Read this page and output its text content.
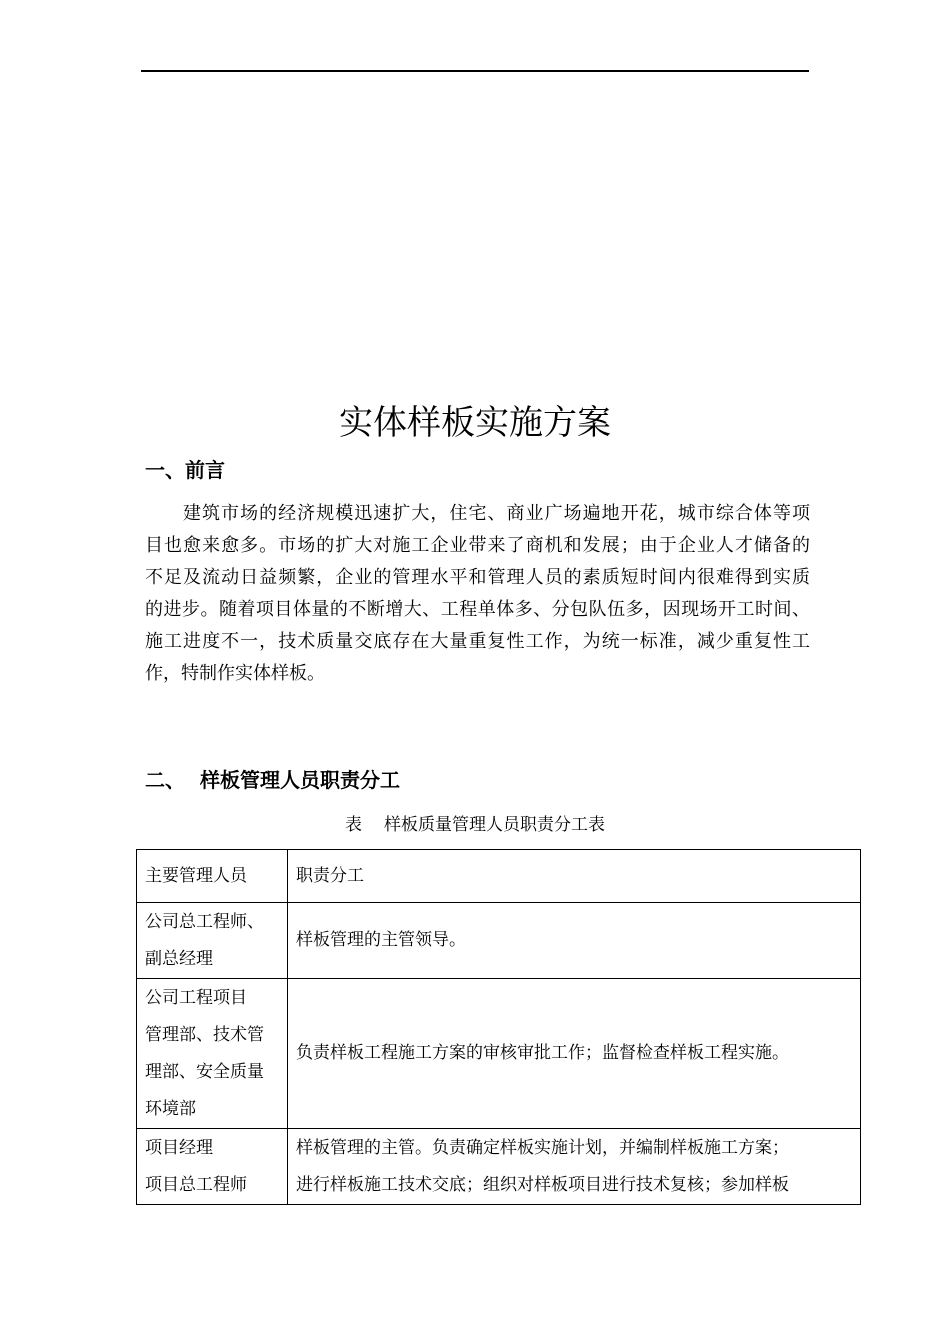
实体样板实施方案
一、前言
建筑市场的经济规模迅速扩大，住宅、商业广场遍地开花，城市综合体等项
目也愈来愈多。市场的扩大对施工企业带来了商机和发展；由于企业人才储备的
不足及流动日益频繁，企业的管理水平和管理人员的素质短时间内很难得到实质
的进步。随着项目体量的不断增大、工程单体多、分包队伍多，因现场开工时间、
施工进度不一，技术质量交底存在大量重复性工作，为统一标准，减少重复性工
作，特制作实体样板。
二、 样板管理人员职责分工
表 样板质量管理人员职责分工表
主要管理人员	职责分工

公司总工程师、
副总经理	样板管理的主管领导。

公司工程项目
管理部、技术管
理部、安全质量
环境部	负责样板工程施工方案的审核审批工作；监督检查样板工程实施。

项目经理
项目总工程师	样板管理的主管。负责确定样板实施计划，并编制样板施工方案；
进行样板施工技术交底；组织对样板项目进行技术复核；参加样板
